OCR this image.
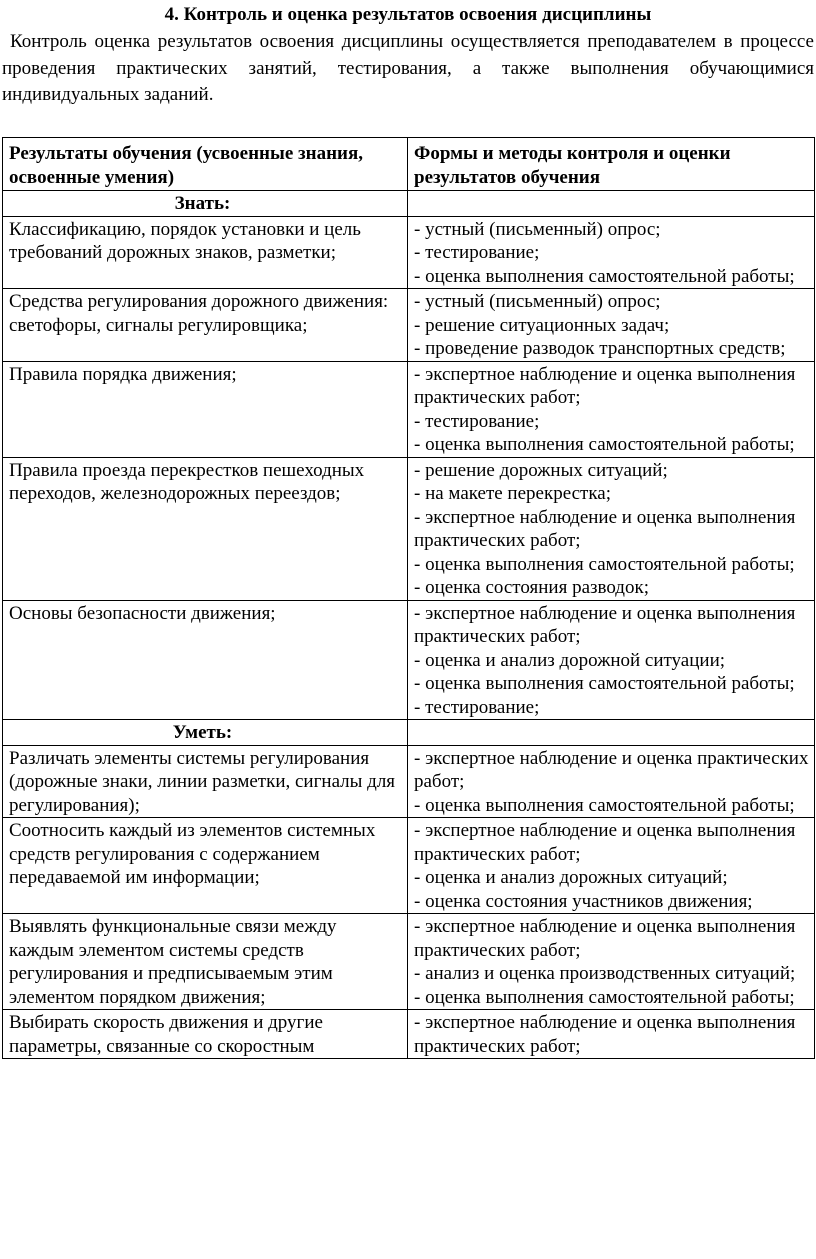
4. Контроль и оценка результатов освоения дисциплины
Контроль оценка результатов освоения дисциплины осуществляется преподавателем в процессе проведения практических занятий, тестирования, а также выполнения обучающимися индивидуальных заданий.
Результаты обучения (усвоенные знания, освоенные умения)	Формы и методы контроля и оценки результатов обучения

Знать:	

Классификацию, порядок установки и цель требований дорожных знаков, разметки;	- устный (письменный) опрос;
- тестирование;
- оценка выполнения самостоятельной работы;

Средства регулирования дорожного движения: светофоры, сигналы регулировщика;	- устный (письменный) опрос;
- решение ситуационных задач;
- проведение разводок транспортных средств;

Правила порядка движения;	- экспертное наблюдение и оценка выполнения практических работ;
- тестирование;
- оценка выполнения самостоятельной работы;

Правила проезда перекрестков пешеходных переходов, железнодорожных переездов;	- решение дорожных ситуаций;
- на макете перекрестка;
- экспертное наблюдение и оценка выполнения практических работ;
- оценка выполнения самостоятельной работы;
- оценка состояния разводок;

Основы безопасности движения;	- экспертное наблюдение и оценка выполнения практических работ;
- оценка и анализ дорожной ситуации;
- оценка выполнения самостоятельной работы;
- тестирование;

Уметь:	

Различать элементы системы регулирования (дорожные знаки, линии разметки, сигналы для регулирования);	- экспертное наблюдение и оценка практических работ;
- оценка выполнения самостоятельной работы;

Соотносить каждый из элементов системных средств регулирования с содержанием передаваемой им информации;	- экспертное наблюдение и оценка выполнения практических работ;
- оценка и анализ дорожных ситуаций;
- оценка состояния участников движения;

Выявлять функциональные связи между каждым элементом системы средств регулирования и предписываемым этим элементом порядком движения;	- экспертное наблюдение и оценка выполнения практических работ;
- анализ и оценка производственных ситуаций;
- оценка выполнения самостоятельной работы;

Выбирать скорость движения и другие параметры, связанные со скоростным	- экспертное наблюдение и оценка выполнения практических работ;
